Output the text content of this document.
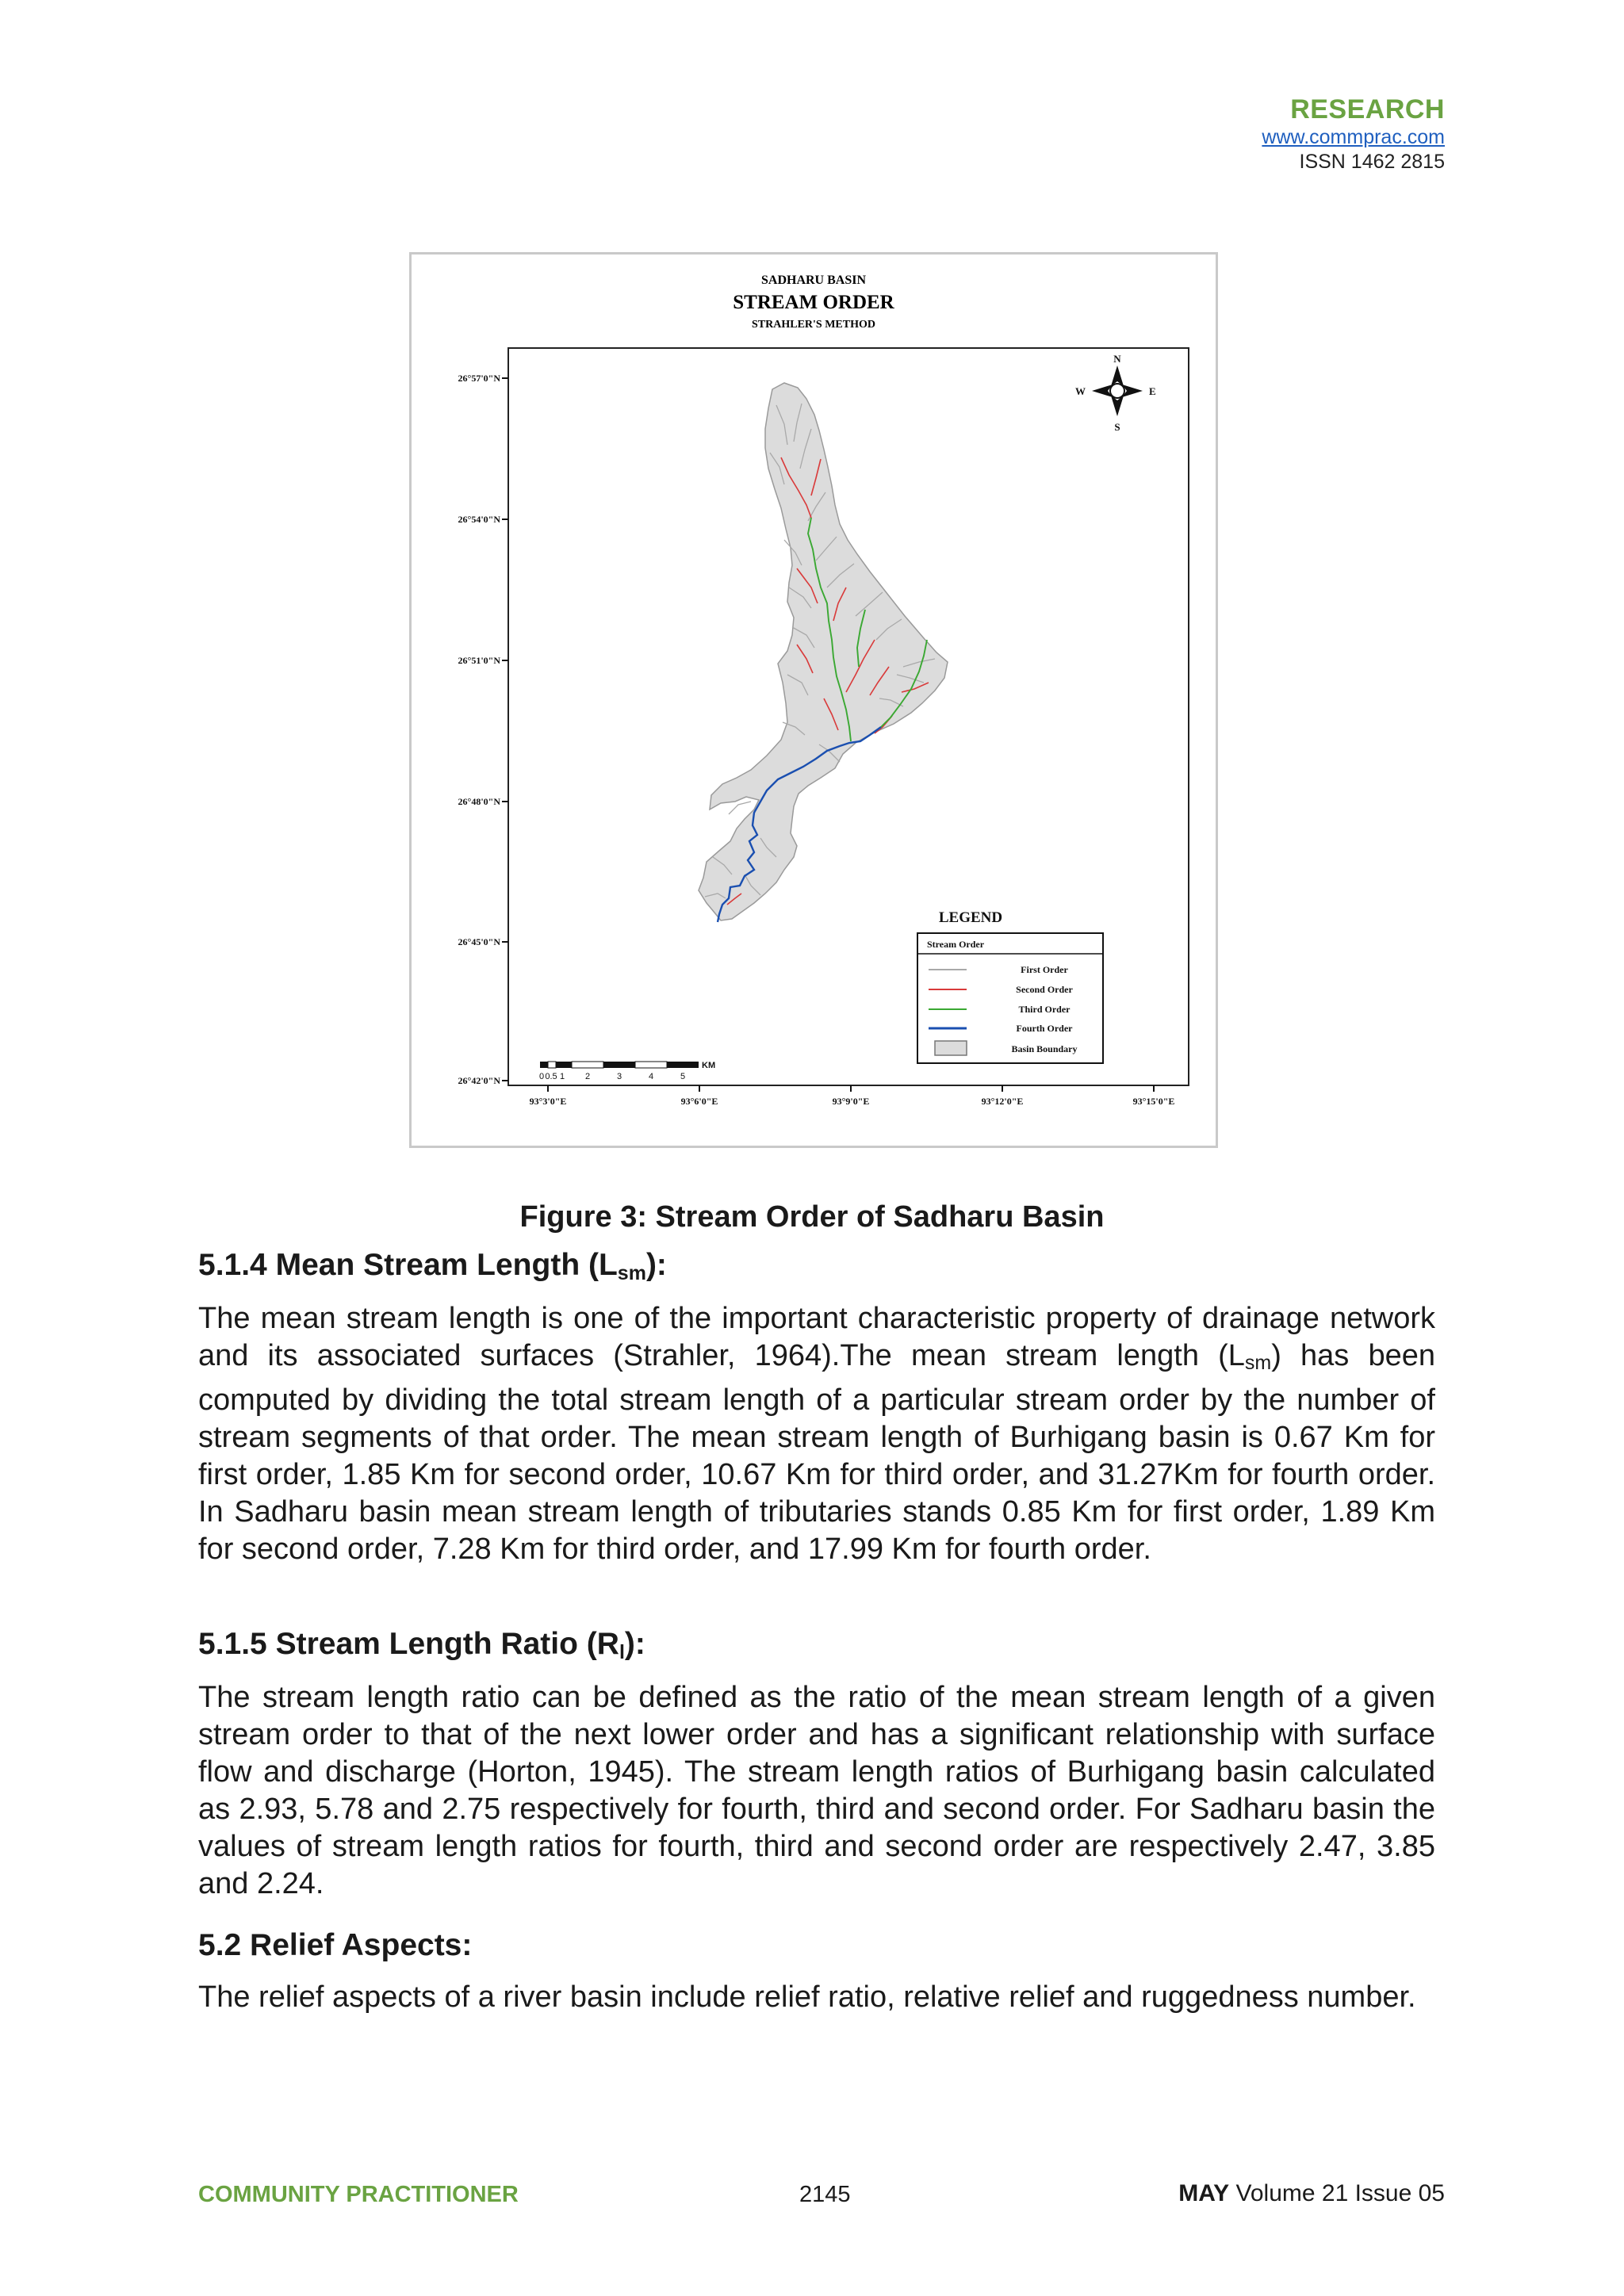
RESEARCH
www.commprac.com
ISSN 1462 2815
SADHARU BASIN
STREAM ORDER
STRAHLER'S METHOD
26°57'0"N
26°54'0"N
26°51'0"N
26°48'0"N
26°45'0"N
26°42'0"N
93°3'0"E	93°6'0"E	93°9'0"E	93°12'0"E	93°15'0"E
N
S
E
W
LEGEND
Stream Order
First Order
Second Order
Third Order
Fourth Order
Basin Boundary
0 0.5 1 2	3	4	5
KM
Figure 3: Stream Order of Sadharu Basin
5.1.4 Mean Stream Length $(L_{sm})$:
The mean stream length is one of the important characteristic property of drainage network and its associated surfaces (Strahler, 1964).The mean stream length $(L_{sm})$ has been computed by dividing the total stream length of a particular stream order by the number of stream segments of that order. The mean stream length of Burhigang basin is 0.67 Km for first order, 1.85 Km for second order, 10.67 Km for third order, and 31.27Km for fourth order. In Sadharu basin mean stream length of tributaries stands 0.85 Km for first order, 1.89 Km for second order, 7.28 Km for third order, and 17.99 Km for fourth order.
5.1.5 Stream Length Ratio $(R_l)$:
The stream length ratio can be defined as the ratio of the mean stream length of a given stream order to that of the next lower order and has a significant relationship with surface flow and discharge (Horton, 1945). The stream length ratios of Burhigang basin calculated as 2.93, 5.78 and 2.75 respectively for fourth, third and second order. For Sadharu basin the values of stream length ratios for fourth, third and second order are respectively 2.47, 3.85 and 2.24.
5.2 Relief Aspects:
The relief aspects of a river basin include relief ratio, relative relief and ruggedness number.
COMMUNITY PRACTITIONER	2145	MAY Volume 21 Issue 05
